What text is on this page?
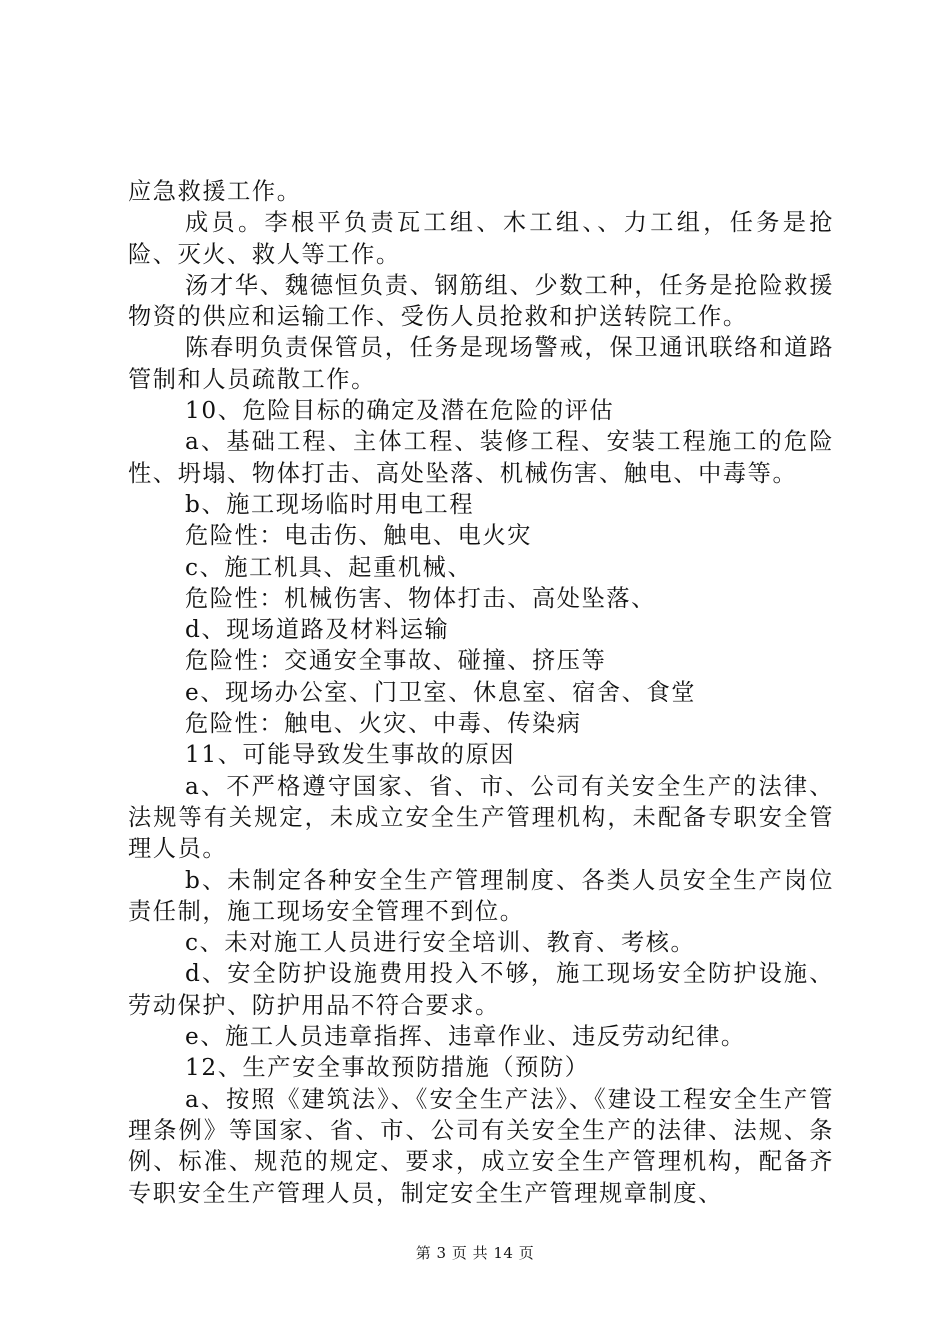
应急救援工作。

成员。李根平负责瓦工组、木工组、、力工组，任务是抢险、灭火、救人等工作。

汤才华、魏德恒负责、钢筋组、少数工种，任务是抢险救援物资的供应和运输工作、受伤人员抢救和护送转院工作。

陈春明负责保管员，任务是现场警戒，保卫通讯联络和道路管制和人员疏散工作。

10、危险目标的确定及潜在危险的评估

a、基础工程、主体工程、装修工程、安装工程施工的危险性、坍塌、物体打击、高处坠落、机械伤害、触电、中毒等。

b、施工现场临时用电工程

危险性：电击伤、触电、电火灾

c、施工机具、起重机械、

危险性：机械伤害、物体打击、高处坠落、

d、现场道路及材料运输

危险性：交通安全事故、碰撞、挤压等

e、现场办公室、门卫室、休息室、宿舍、食堂

危险性：触电、火灾、中毒、传染病

11、可能导致发生事故的原因

a、不严格遵守国家、省、市、公司有关安全生产的法律、法规等有关规定，未成立安全生产管理机构，未配备专职安全管理人员。

b、未制定各种安全生产管理制度、各类人员安全生产岗位责任制，施工现场安全管理不到位。

c、未对施工人员进行安全培训、教育、考核。

d、安全防护设施费用投入不够，施工现场安全防护设施、劳动保护、防护用品不符合要求。

e、施工人员违章指挥、违章作业、违反劳动纪律。

12、生产安全事故预防措施（预防）

a、按照《建筑法》、《安全生产法》、《建设工程安全生产管理条例》等国家、省、市、公司有关安全生产的法律、法规、条例、标准、规范的规定、要求，成立安全生产管理机构，配备齐专职安全生产管理人员，制定安全生产管理规章制度、

第 3 页 共 14 页
